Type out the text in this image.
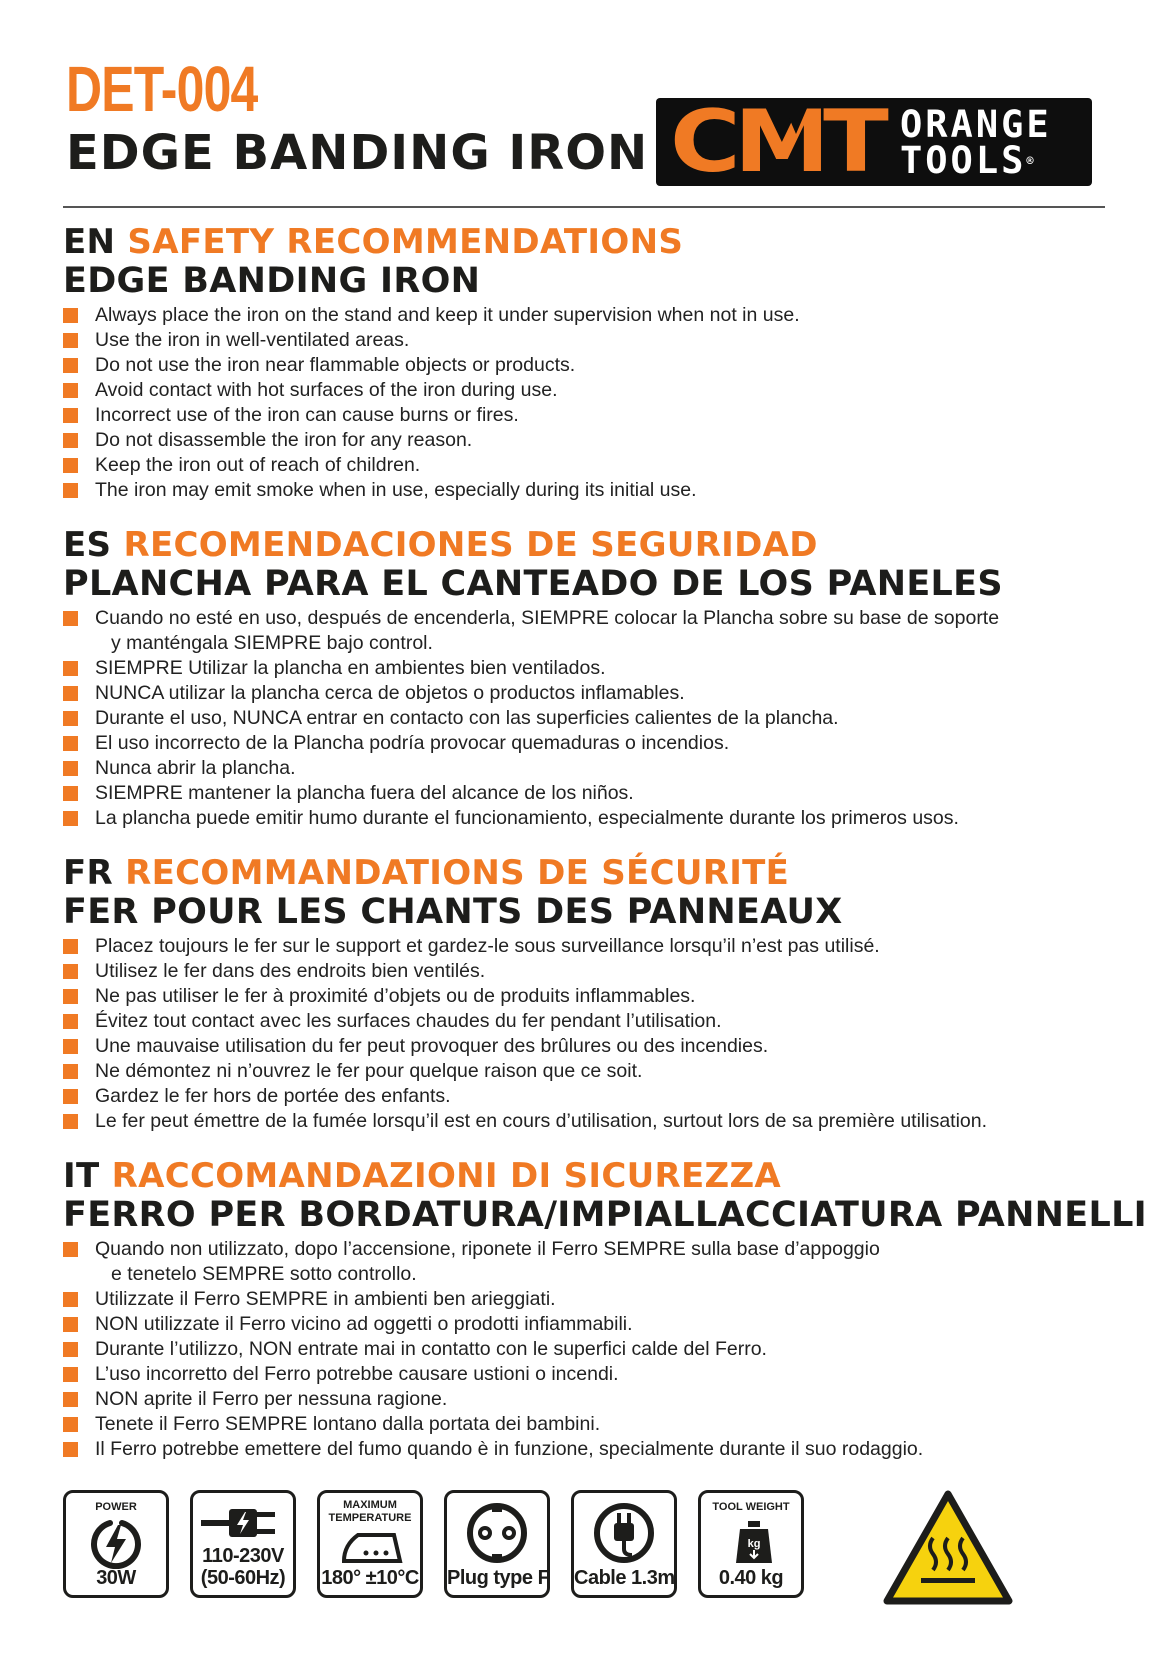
DET-004
EDGE BANDING IRON CMT ORANGE
TOOLS®
EN SAFETY RECOMMENDATIONS
EDGE BANDING IRON
Always place the iron on the stand and keep it under supervision when not in use.
Use the iron in well-ventilated areas.
Do not use the iron near flammable objects or products.
Avoid contact with hot surfaces of the iron during use.
Incorrect use of the iron can cause burns or fires.
Do not disassemble the iron for any reason.
Keep the iron out of reach of children.
The iron may emit smoke when in use, especially during its initial use.
ES RECOMENDACIONES DE SEGURIDAD
PLANCHA PARA EL CANTEADO DE LOS PANELES
Cuando no esté en uso, después de encenderla, SIEMPRE colocar la Plancha sobre su base de soporte
y manténgala SIEMPRE bajo control.
SIEMPRE Utilizar la plancha en ambientes bien ventilados.
NUNCA utilizar la plancha cerca de objetos o productos inflamables.
Durante el uso, NUNCA entrar en contacto con las superficies calientes de la plancha.
El uso incorrecto de la Plancha podría provocar quemaduras o incendios.
Nunca abrir la plancha.
SIEMPRE mantener la plancha fuera del alcance de los niños.
La plancha puede emitir humo durante el funcionamiento, especialmente durante los primeros usos.
FR RECOMMANDATIONS DE SÉCURITÉ
FER POUR LES CHANTS DES PANNEAUX
Placez toujours le fer sur le support et gardez-le sous surveillance lorsqu’il n’est pas utilisé.
Utilisez le fer dans des endroits bien ventilés.
Ne pas utiliser le fer à proximité d’objets ou de produits inflammables.
Évitez tout contact avec les surfaces chaudes du fer pendant l’utilisation.
Une mauvaise utilisation du fer peut provoquer des brûlures ou des incendies.
Ne démontez ni n’ouvrez le fer pour quelque raison que ce soit.
Gardez le fer hors de portée des enfants.
Le fer peut émettre de la fumée lorsqu’il est en cours d’utilisation, surtout lors de sa première utilisation.
IT RACCOMANDAZIONI DI SICUREZZA
FERRO PER BORDATURA/IMPIALLACCIATURA PANNELLI
Quando non utilizzato, dopo l’accensione, riponete il Ferro SEMPRE sulla base d’appoggio
e tenetelo SEMPRE sotto controllo.
Utilizzate il Ferro SEMPRE in ambienti ben arieggiati.
NON utilizzate il Ferro vicino ad oggetti o prodotti infiammabili.
Durante l’utilizzo, NON entrate mai in contatto con le superfici calde del Ferro.
L’uso incorretto del Ferro potrebbe causare ustioni o incendi.
NON aprite il Ferro per nessuna ragione.
Tenete il Ferro SEMPRE lontano dalla portata dei bambini.
Il Ferro potrebbe emettere del fumo quando è in funzione, specialmente durante il suo rodaggio.
POWER
30W
110-230V
(50-60Hz)
MAXIMUM
TEMPERATURE
180° ±10°C Plug type F Cable 1.3m
TOOL WEIGHT
kg
0.40 kg
